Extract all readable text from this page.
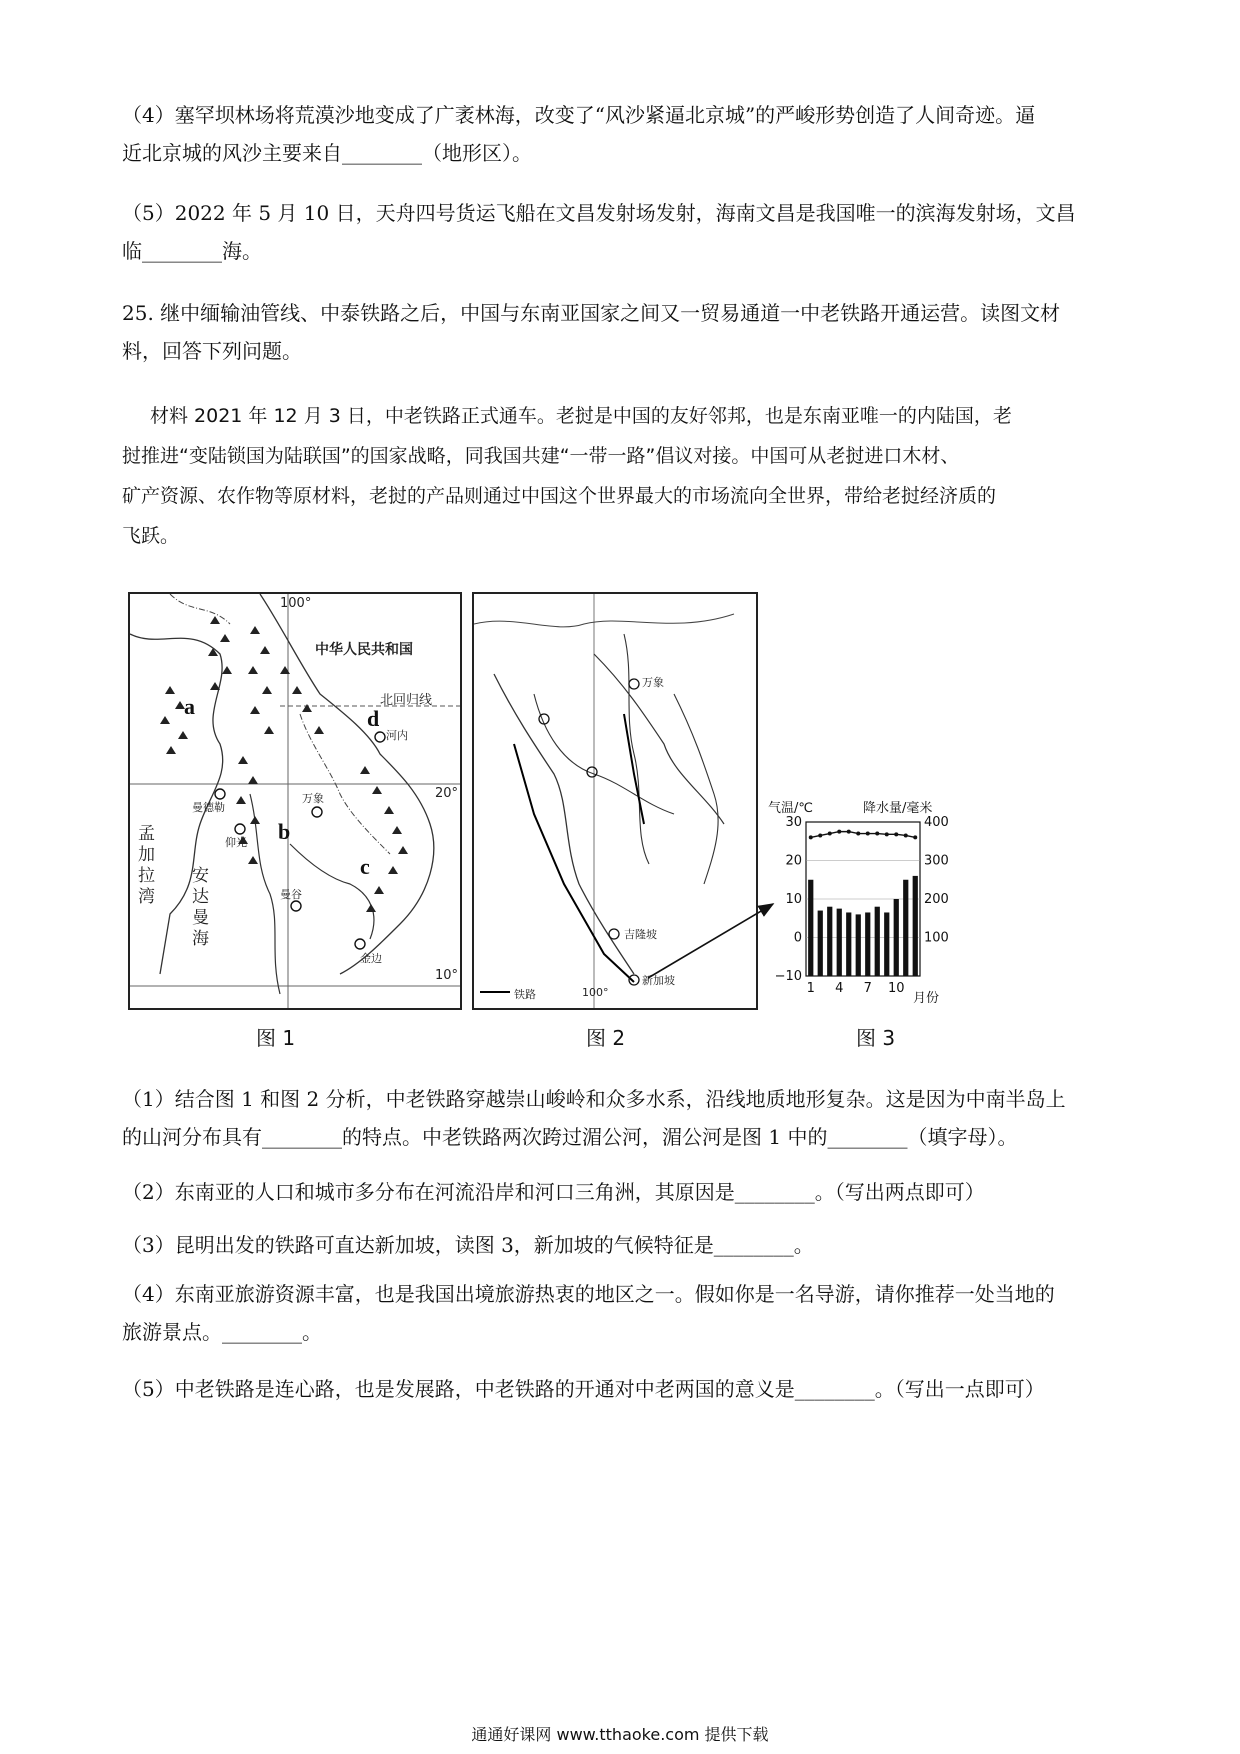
（4）塞罕坝林场将荒漠沙地变成了广袤林海，改变了“风沙紧逼北京城”的严峻形势创造了人间奇迹。逼
近北京城的风沙主要来自________（地形区）。
（5）2022 年 5 月 10 日，天舟四号货运飞船在文昌发射场发射，海南文昌是我国唯一的滨海发射场，文昌
临________海。
25. 继中缅输油管线、中泰铁路之后，中国与东南亚国家之间又一贸易通道一中老铁路开通运营。读图文材
料，回答下列问题。
材料 2021 年 12 月 3 日，中老铁路正式通车。老挝是中国的友好邻邦，也是东南亚唯一的内陆国，老
挝推进“变陆锁国为陆联国”的国家战略，同我国共建“一带一路”倡议对接。中国可从老挝进口木材、
矿产资源、农作物等原材料，老挝的产品则通过中国这个世界最大的市场流向全世界，带给老挝经济质的
飞跃。
100°
中华人民共和国
北回归线
20°
10°
河内
万象
曼谷
曼德勒
仰光
金边
孟加拉湾
安达曼海
a
b
c
d
铁路	100°
万象
吉隆坡
新加坡
气温/℃	降水量/毫米
30
20
10
0
−10
400
300
200
100
1 4 7 10
月份
图 1	图 2	图 3
（1）结合图 1 和图 2 分析，中老铁路穿越崇山峻岭和众多水系，沿线地质地形复杂。这是因为中南半岛上
的山河分布具有________的特点。中老铁路两次跨过湄公河，湄公河是图 1 中的________（填字母）。
（2）东南亚的人口和城市多分布在河流沿岸和河口三角洲，其原因是________。（写出两点即可）
（3）昆明出发的铁路可直达新加坡，读图 3，新加坡的气候特征是________。
（4）东南亚旅游资源丰富，也是我国出境旅游热衷的地区之一。假如你是一名导游，请你推荐一处当地的
旅游景点。________。
（5）中老铁路是连心路，也是发展路，中老铁路的开通对中老两国的意义是________。（写出一点即可）
通通好课网 www.tthaoke.com 提供下载
